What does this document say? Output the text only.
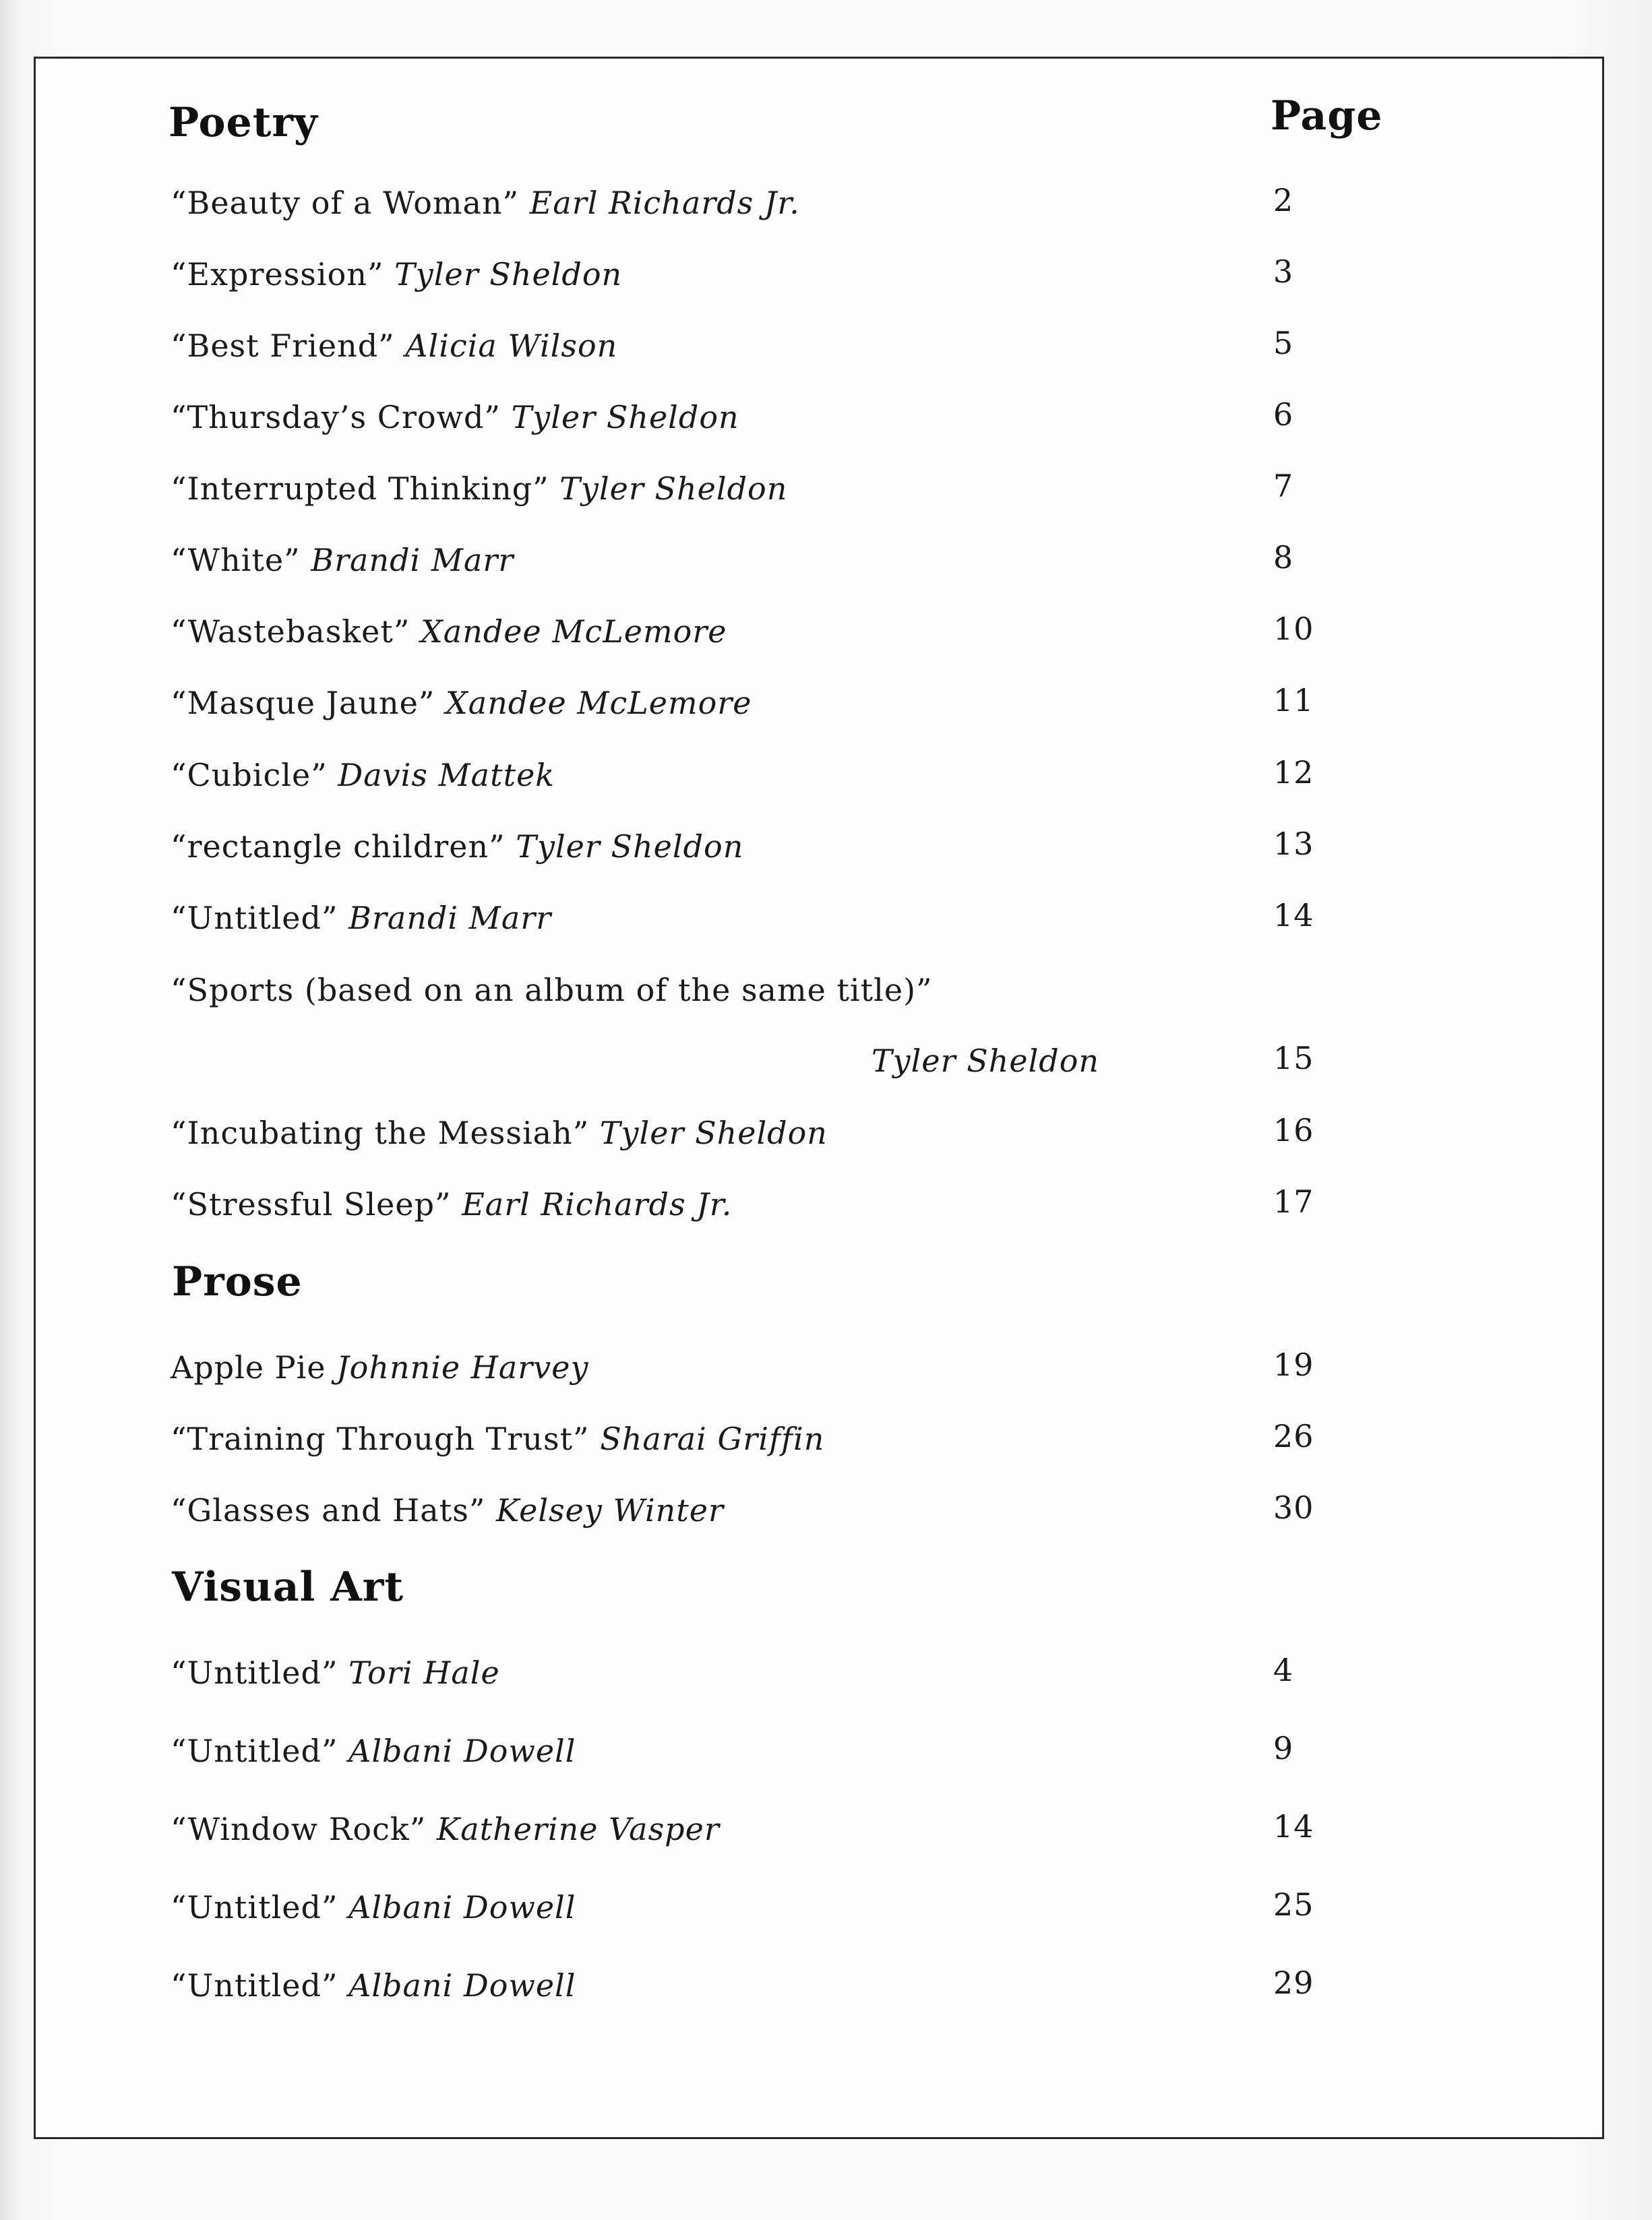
Poetry	Page
“Beauty of a Woman” Earl Richards Jr.	2
“Expression” Tyler Sheldon	3
“Best Friend” Alicia Wilson	5
“Thursday’s Crowd” Tyler Sheldon	6
“Interrupted Thinking” Tyler Sheldon	7
“White” Brandi Marr	8
“Wastebasket” Xandee McLemore	10
“Masque Jaune” Xandee McLemore	11
“Cubicle” Davis Mattek	12
“rectangle children” Tyler Sheldon	13
“Untitled” Brandi Marr	14
“Sports (based on an album of the same title)”
Tyler Sheldon	15
“Incubating the Messiah” Tyler Sheldon	16
“Stressful Sleep” Earl Richards Jr.	17
Prose
Apple Pie Johnnie Harvey	19
“Training Through Trust” Sharai Griffin	26
“Glasses and Hats” Kelsey Winter	30
Visual Art
“Untitled” Tori Hale	4
“Untitled” Albani Dowell	9
“Window Rock” Katherine Vasper	14
“Untitled” Albani Dowell	25
“Untitled” Albani Dowell	29
